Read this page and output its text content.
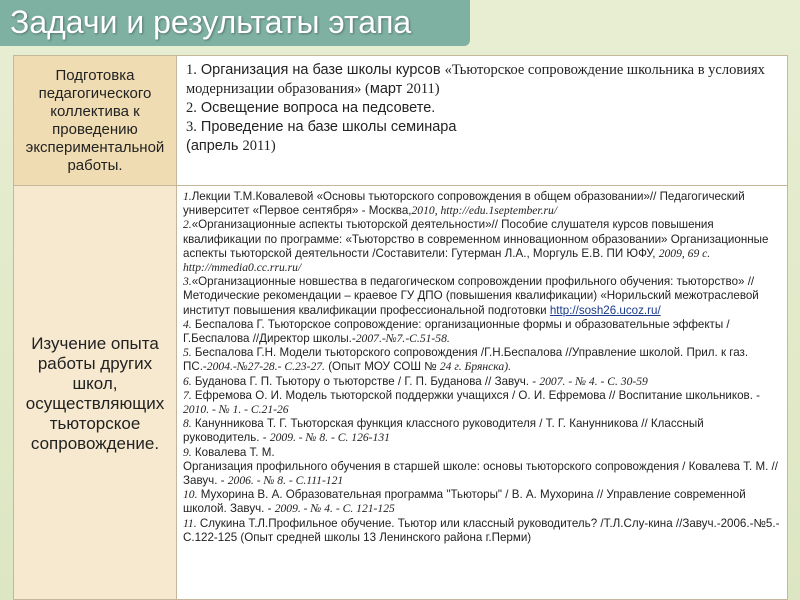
Задачи и результаты этапа
Подготовка педагогического коллектива к проведению экспериментальной работы.

1. Организация на базе школы курсов «Тьюторское сопровождение школьника в условиях модернизации образования» (март 2011)

2. Освещение вопроса на педсовете.

3. Проведение на базе школы семинара

(апрель 2011)

Изучение опыта работы других школ, осуществляющих тьюторское сопровождение.

1.Лекции Т.М.Ковалевой «Основы тьюторского сопровождения в общем образовании»// Педагогический университет «Первое сентября» - Москва,2010, http://edu.1september.ru/

2.«Организационные аспекты тьюторской деятельности»// Пособие слушателя курсов повышения квалификации по программе: «Тьюторство в современном инновационном образовании» Организационные аспекты тьюторской деятельности /Составители: Гутерман Л.А., Моргуль Е.В. ПИ ЮФУ, 2009, 69 с. http://mmedia0.cc.rru.ru/

3.«Организационные новшества в педагогическом сопровождении профильного обучения: тьюторство» //Методические рекомендации – краевое ГУ ДПО (повышения квалификации) «Норильский межотраслевой институт повышения квалификации профессиональной подготовки http://sosh26.ucoz.ru/

4. Беспалова Г. Тьюторское сопровождение: организационные формы и образовательные эффекты /Г.Беспалова //Директор школы.-2007.-№7.-С.51-58.

5. Беспалова Г.Н. Модели тьюторского сопровождения /Г.Н.Беспалова //Управление школой. Прил. к газ. ПС.-2004.-№27-28.- С.23-27. (Опыт МОУ СОШ № 24 г. Брянска).

6. Буданова Г. П. Тьютору о тьюторстве / Г. П. Буданова // Завуч. - 2007. - № 4. - С. 30-59

7. Ефремова О. И. Модель тьюторской поддержки учащихся / О. И. Ефремова // Воспитание школьников. - 2010. - № 1. - С.21-26

8. Канунникова Т. Г. Тьюторская функция классного руководителя / Т. Г. Канунникова // Классный руководитель. - 2009. - № 8. - С. 126-131

9. Ковалева Т. М.

Организация профильного обучения в старшей школе: основы тьюторского сопровождения / Ковалева Т. М. // Завуч. - 2006. - № 8. - С.111-121

10. Мухорина В. А. Образовательная программа "Тьюторы" / В. А. Мухорина // Управление современной школой. Завуч. - 2009. - № 4. - С. 121-125

11. Слукина Т.Л.Профильное обучение. Тьютор или классный руководитель? /Т.Л.Слу-кина //Завуч.-2006.-№5.- С.122-125 (Опыт средней школы 13 Ленинского района г.Перми)
